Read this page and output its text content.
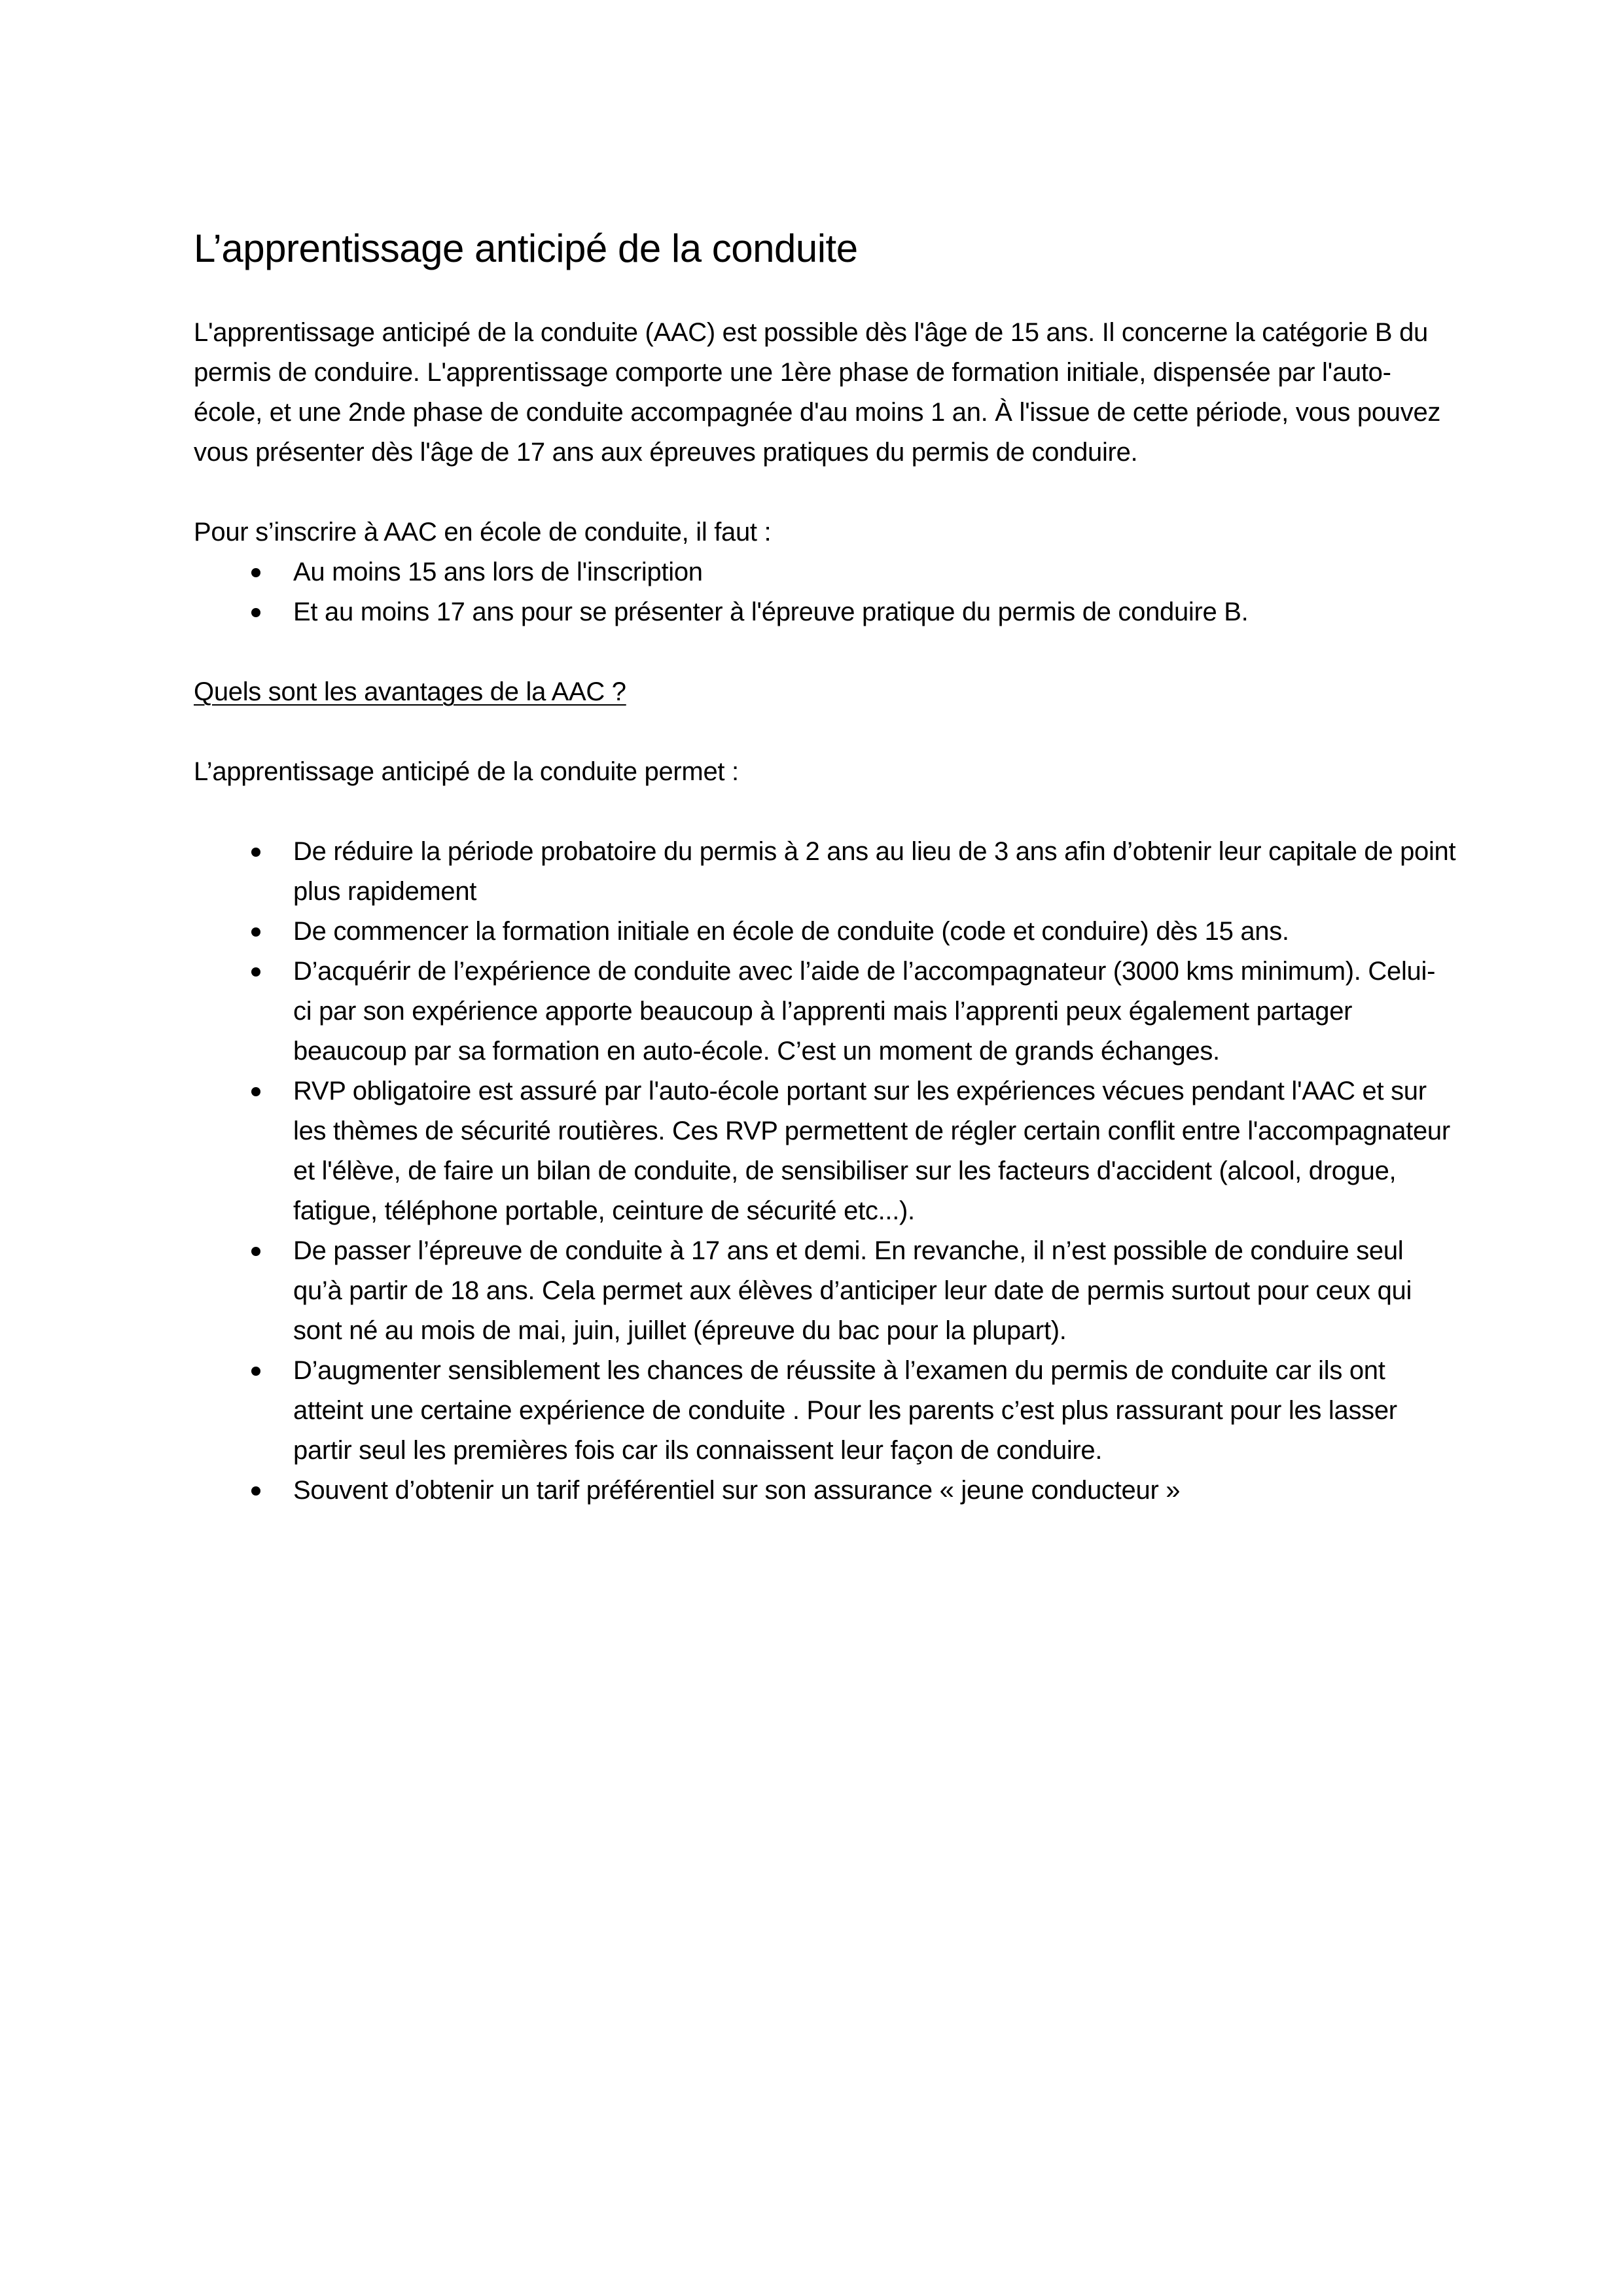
L’apprentissage anticipé de la conduite

L'apprentissage anticipé de la conduite (AAC) est possible dès l'âge de 15 ans. Il concerne la catégorie B du permis de conduire. L'apprentissage comporte une 1ère phase de formation initiale, dispensée par l'auto-école, et une 2nde phase de conduite accompagnée d'au moins 1 an. À l'issue de cette période, vous pouvez vous présenter dès l'âge de 17 ans aux épreuves pratiques du permis de conduire.

Pour s’inscrire à AAC en école de conduite, il faut :

Au moins 15 ans lors de l'inscription
Et au moins 17 ans pour se présenter à l'épreuve pratique du permis de conduire B.

Quels sont les avantages de la AAC ?

L’apprentissage anticipé de la conduite permet :

De réduire la période probatoire du permis à 2 ans au lieu de 3 ans afin d’obtenir leur capitale de point plus rapidement
De commencer la formation initiale en école de conduite (code et conduire) dès 15 ans.
D’acquérir de l’expérience de conduite avec l’aide de l’accompagnateur (3000 kms minimum). Celui- ci par son expérience apporte beaucoup à l’apprenti mais l’apprenti peux également partager beaucoup par sa formation en auto-école. C’est un moment de grands échanges.
RVP obligatoire est assuré par l'auto-école portant sur les expériences vécues pendant l'AAC et sur les thèmes de sécurité routières. Ces RVP permettent de régler certain conflit entre l'accompagnateur et l'élève, de faire un bilan de conduite, de sensibiliser sur les facteurs d'accident (alcool, drogue, fatigue, téléphone portable, ceinture de sécurité etc...).
De passer l’épreuve de conduite à 17 ans et demi. En revanche, il n’est possible de conduire seul qu’à partir de 18 ans. Cela permet aux élèves d’anticiper leur date de permis surtout pour ceux qui sont né au mois de mai, juin, juillet (épreuve du bac pour la plupart).
D’augmenter sensiblement les chances de réussite à l’examen du permis de conduite car ils ont atteint une certaine expérience de conduite . Pour les parents c’est plus rassurant pour les lasser partir seul les premières fois car ils connaissent leur façon de conduire.
Souvent d’obtenir un tarif préférentiel sur son assurance « jeune conducteur »
